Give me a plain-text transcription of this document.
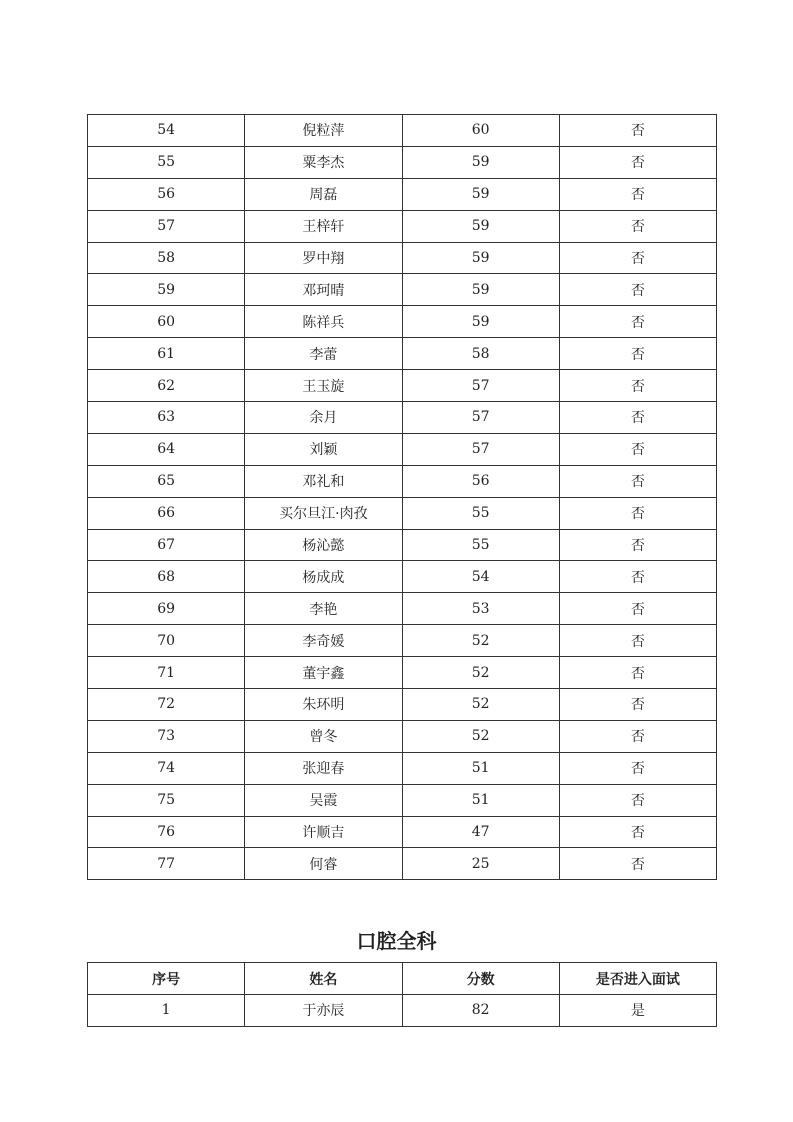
54	倪粒萍	60	否
55	粟李杰	59	否
56	周磊	59	否
57	王梓轩	59	否
58	罗中翔	59	否
59	邓珂晴	59	否
60	陈祥兵	59	否
61	李蕾	58	否
62	王玉旋	57	否
63	余月	57	否
64	刘颖	57	否
65	邓礼和	56	否
66	买尔旦江·肉孜	55	否
67	杨沁懿	55	否
68	杨成成	54	否
69	李艳	53	否
70	李奇媛	52	否
71	董宇鑫	52	否
72	朱环明	52	否
73	曾冬	52	否
74	张迎春	51	否
75	吴霞	51	否
76	许顺吉	47	否
77	何睿	25	否
口腔全科
序号	姓名	分数	是否进入面试
1	于亦辰	82	是
